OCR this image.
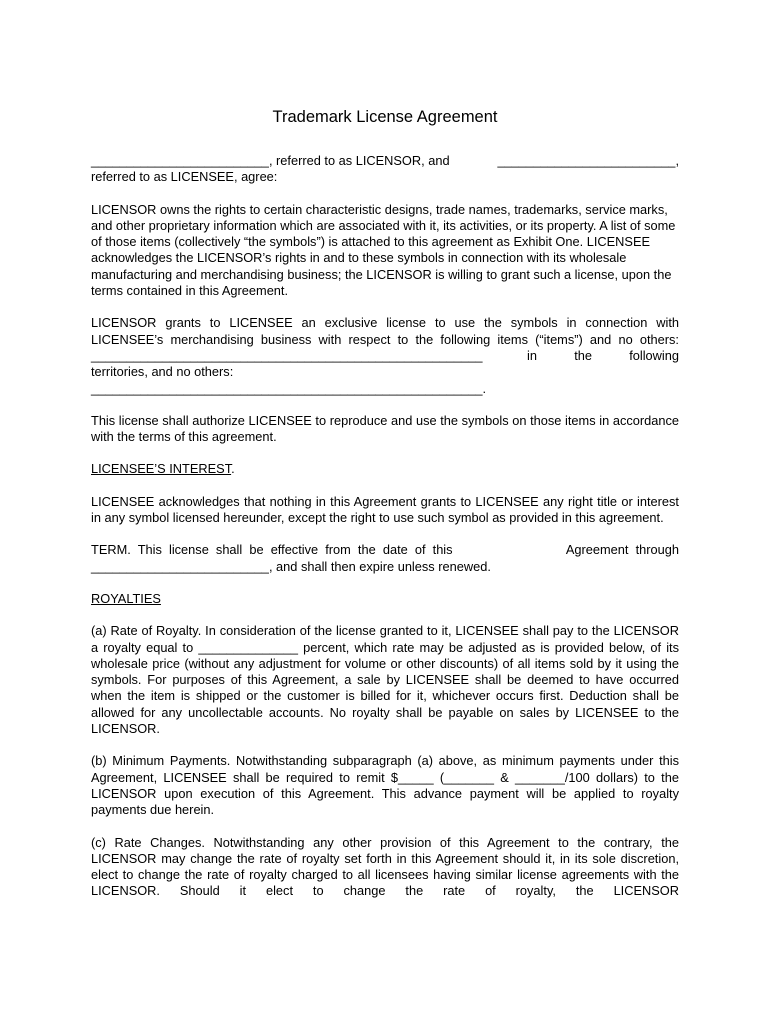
Trademark License Agreement

_________________________, referred to as LICENSOR, and	_________________________,
referred to as LICENSEE, agree:

LICENSOR owns the rights to certain characteristic designs, trade names, trademarks, service marks, and other proprietary information which are associated with it, its activities, or its property. A list of some of those items (collectively “the symbols”) is attached to this agreement as Exhibit One. LICENSEE acknowledges the LICENSOR’s rights in and to these symbols in connection with its wholesale manufacturing and merchandising business; the LICENSOR is willing to grant such a license, upon the terms contained in this Agreement.

LICENSOR grants to LICENSEE an exclusive license to use the symbols in connection with LICENSEE’s merchandising business with respect to the following items (“items”) and no others:
_______________________________________________________	in	the	following
territories, and no others:
_______________________________________________________.

This license shall authorize LICENSEE to reproduce and use the symbols on those items in accordance with the terms of this agreement.

LICENSEE’S INTEREST.

LICENSEE acknowledges that nothing in this Agreement grants to LICENSEE any right title or interest in any symbol licensed hereunder, except the right to use such symbol as provided in this agreement.

TERM.  This  license  shall  be  effective  from  the  date  of  this	Agreement  through
_________________________, and shall then expire unless renewed.

ROYALTIES

(a) Rate of Royalty. In consideration of the license granted to it, LICENSEE shall pay to the LICENSOR a royalty equal to ______________ percent, which rate may be adjusted as is provided below, of its wholesale price (without any adjustment for volume or other discounts) of all items sold by it using the symbols. For purposes of this Agreement, a sale by LICENSEE shall be deemed to have occurred when the item is shipped or the customer is billed for it, whichever occurs first. Deduction shall be allowed for any uncollectable accounts. No royalty shall be payable on sales by LICENSEE to the LICENSOR.

(b) Minimum Payments. Notwithstanding subparagraph (a) above, as minimum payments under this Agreement, LICENSEE shall be required to remit $_____ (_______ & _______/100 dollars) to the LICENSOR upon execution of this Agreement. This advance payment will be applied to royalty payments due herein.

(c) Rate Changes. Notwithstanding any other provision of this Agreement to the contrary, the LICENSOR may change the rate of royalty set forth in this Agreement should it, in its sole discretion, elect to change the rate of royalty charged to all licensees having similar license agreements with the LICENSOR. Should it elect to change the rate of royalty, the LICENSOR
